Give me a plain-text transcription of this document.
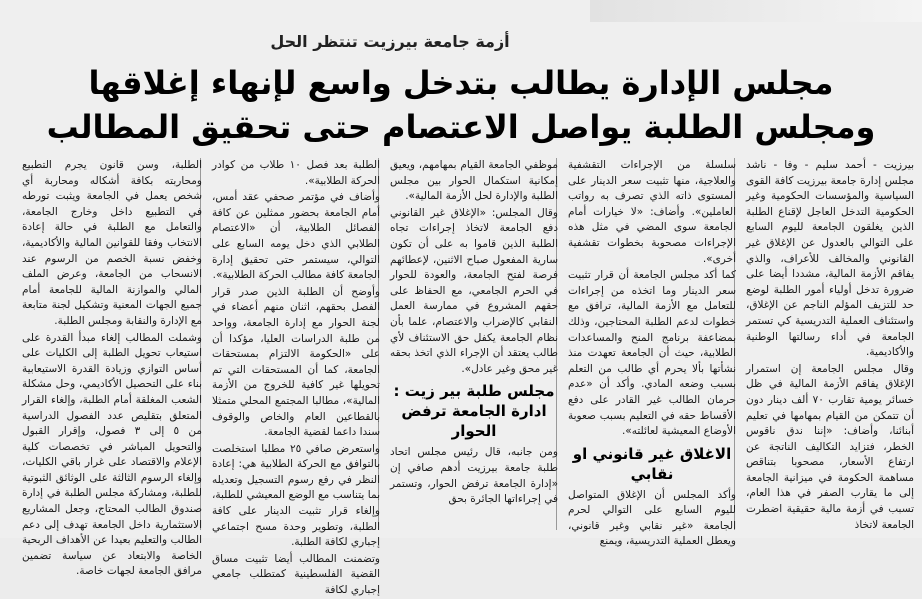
أزمة جامعة بيرزيت تنتظر الحل
مجلس الإدارة يطالب بتدخل واسع لإنهاء إغلاقها
ومجلس الطلبة يواصل الاعتصام حتى تحقيق المطالب

بيرزيت - أحمد سليم - وفا - ناشد مجلس إدارة جامعة بيرزيت كافة القوى السياسية والمؤسسات الحكومية وغير الحكومية التدخل العاجل لإقناع الطلبة الذين يغلقون الجامعة لليوم السابع على التوالي بالعدول عن الإغلاق غير القانوني والمخالف للأعراف، والذي يفاقم الأزمة المالية، مشددا أيضا على ضرورة تدخل أولياء أمور الطلبة لوضع حد للتزيف المؤلم الناجم عن الإغلاق، واستئناف العملية التدريسية كي تستمر الجامعة في أداء رسالتها الوطنية والأكاديمية.

وقال مجلس الجامعة إن استمرار الإغلاق يفاقم الأزمة المالية في ظل خسائر يومية تقارب ٧٠ ألف دينار دون أن تتمكن من القيام بمهامها في تعليم أبنائنا، وأضاف: «إننا ندق ناقوس الخطر، فتزايد التكاليف الناتجة عن ارتفاع الأسعار، مصحوبا بتناقص مساهمة الحكومة في ميزانية الجامعة إلى ما يقارب الصفر في هذا العام، تسبب في أزمة مالية حقيقية اضطرت الجامعة لاتخاذ

سلسلة من الإجراءات التقشفية والعلاجية، منها تثبيت سعر الدينار على المستوى ذاته الذي تصرف به رواتب العاملين». وأضاف: «لا خيارات أمام الجامعة سوى المضي في مثل هذه الإجراءات مصحوبة بخطوات تقشفية أخرى».

كما أكد مجلس الجامعة أن قرار تثبيت سعر الدينار وما اتخذه من إجراءات للتعامل مع الأزمة المالية، ترافق مع خطوات لدعم الطلبة المحتاجين، وذلك بمضاعفة برنامج المنح والمساعدات الطلابية، حيث أن الجامعة تعهدت منذ نشأتها بألا يحرم أي طالب من التعلم بسبب وضعه المادي. وأكد أن «عدم حرمان الطالب غير القادر على دفع الأقساط حقه في التعليم بسبب صعوبة الأوضاع المعيشية لعائلته».

الاغلاق غير قانوني او نقابي

وأكد المجلس أن الإغلاق المتواصل لليوم السابع على التوالي لحرم الجامعة «غير نقابي وغير قانوني، ويعطل العملية التدريسية، ويمنع

موظفي الجامعة القيام بمهامهم، ويعيق إمكانية استكمال الحوار بين مجلس الطلبة والإدارة لحل الأزمة المالية».

وقال المجلس: «الإغلاق غير القانوني دفع الجامعة لاتخاذ إجراءات تجاه الطلبة الذين قاموا به على أن تكون سارية المفعول صباح الاثنين، لإعطائهم فرصة لفتح الجامعة، والعودة للحوار في الحرم الجامعي، مع الحفاظ على حقهم المشروع في ممارسة العمل النقابي كالإضراب والاعتصام، علما بأن نظام الجامعة يكفل حق الاستئناف لأي طالب يعتقد أن الإجراء الذي اتخذ بحقه غير محق وغير عادل».

مجلس طلبة بير زيت : ادارة الجامعة ترفض الحوار

ومن جانبه، قال رئيس مجلس اتحاد طلبة جامعة بيرزيت أدهم صافي إن «إدارة الجامعة ترفض الحوار، وتستمر في إجراءاتها الجائرة بحق

الطلبة بعد فصل ١٠ طلاب من كوادر الحركة الطلابية».

وأضاف في مؤتمر صحفي عقد أمس، أمام الجامعة بحضور ممثلين عن كافة الفصائل الطلابية، أن «الاعتصام الطلابي الذي دخل يومه السابع على التوالي، سيستمر حتى تحقيق إدارة الجامعة كافة مطالب الحركة الطلابية».

وأوضح أن الطلبة الذين صدر قرار الفصل بحقهم، اثنان منهم أعضاء في لجنة الحوار مع إدارة الجامعة، وواحد من طلبة الدراسات العليا، مؤكدا أن على «الحكومة الالتزام بمستحقات الجامعة، كما أن المستحقات التي تم تحويلها غير كافية للخروج من الأزمة المالية»، مطالبا المجتمع المحلي متمثلا بالقطاعين العام والخاص والوقوف سندا داعما لقضية الجامعة.

واستعرض صافي ٢٥ مطلبا استخلصت بالتوافق مع الحركة الطلابية هي: إعادة النظر في رفع رسوم التسجيل وتعديله بما يتناسب مع الوضع المعيشي للطلبة، وإلغاء قرار تثبيت الدينار على كافة الطلبة، وتطوير وحدة مسح اجتماعي إجباري لكافة الطلبة.

وتضمنت المطالب أيضا تثبيت مساق القضية الفلسطينية كمتطلب جامعي إجباري لكافة

الطلبة، وسن قانون يجرم التطبيع ومحاربته بكافة أشكاله ومحاربة أي شخص يعمل في الجامعة ويثبت تورطه في التطبيع داخل وخارج الجامعة، والتعامل مع الطلبة في حالة إعادة الانتخاب وفقا للقوانين المالية والأكاديمية، وخفض نسبة الخصم من الرسوم عند الانسحاب من الجامعة، وعرض الملف المالي والموازنة المالية للجامعة أمام جميع الجهات المعنية وتشكيل لجنة متابعة مع الإدارة والنقابة ومجلس الطلبة.

وشملت المطالب إلغاء مبدأ القدرة على استيعاب تحويل الطلبة إلى الكليات على أساس التوازي وزيادة القدرة الاستيعابية بناء على التحصيل الأكاديمي، وحل مشكلة الشعب المغلقة أمام الطلبة، وإلغاء القرار المتعلق بتقليص عدد الفصول الدراسية من ٥ إلى ٣ فصول، وإقرار القبول والتحويل المباشر في تخصصات كلية الإعلام والاقتصاد على غرار باقي الكليات، وإلغاء الرسوم الثالثة على الوثائق الثبوتية للطلبة، ومشاركة مجلس الطلبة في إدارة صندوق الطالب المحتاج، وجعل المشاريع الاستثمارية داخل الجامعة تهدف إلى دعم الطالب والتعليم بعيدا عن الأهداف الربحية الخاصة والابتعاد عن سياسة تضمين مرافق الجامعة لجهات خاصة.
